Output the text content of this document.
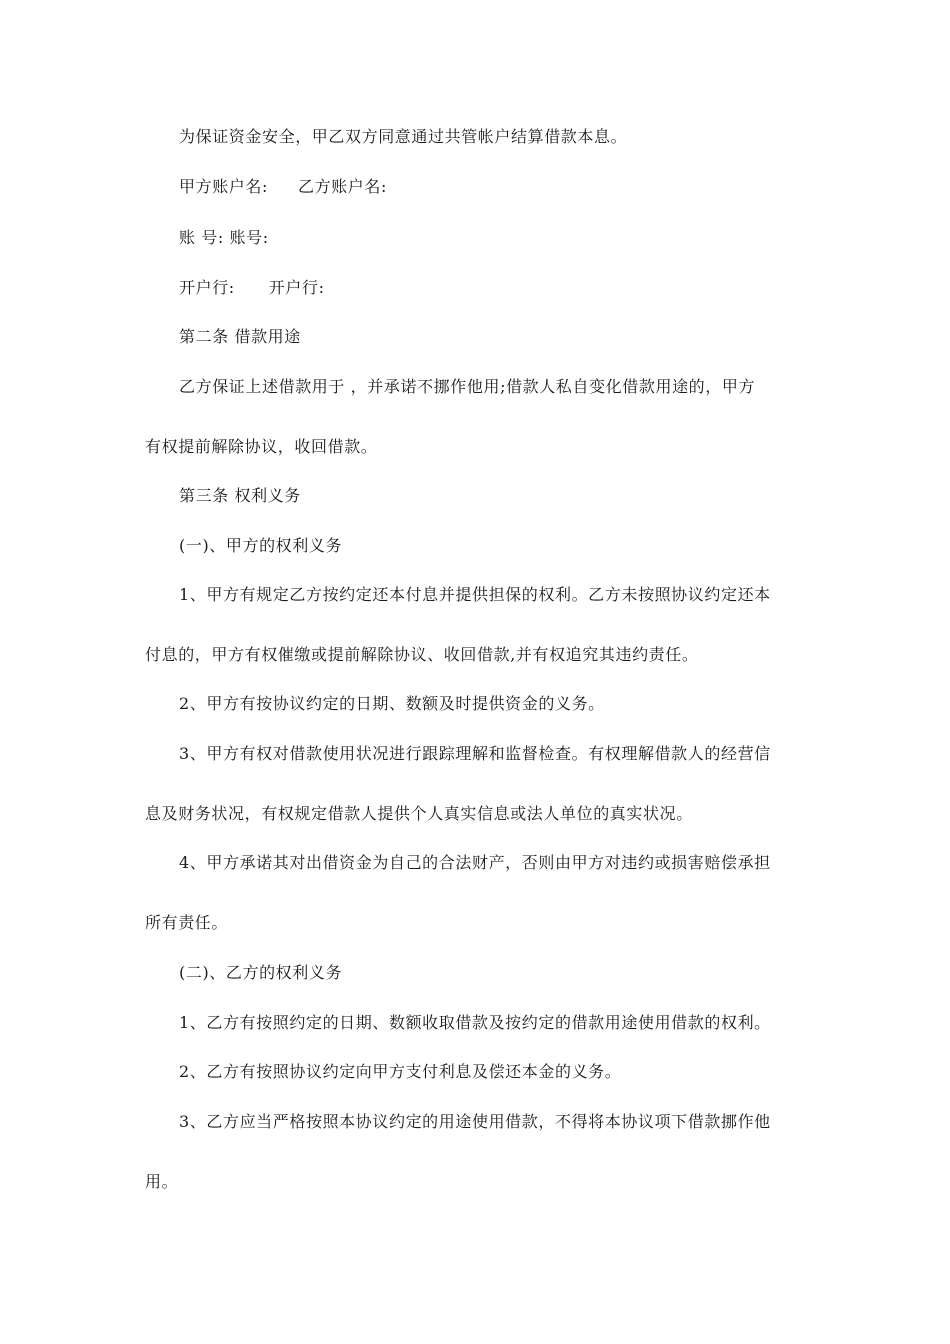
为保证资金安全，甲乙双方同意通过共管帐户结算借款本息。
甲方账户名: 乙方账户名:
账 号: 账号:
开户行: 开户行:
第二条 借款用途
乙方保证上述借款用于 ，并承诺不挪作他用;借款人私自变化借款用途的，甲方
有权提前解除协议，收回借款。
第三条 权利义务
(一)、甲方的权利义务
1、甲方有规定乙方按约定还本付息并提供担保的权利。乙方未按照协议约定还本
付息的，甲方有权催缴或提前解除协议、收回借款,并有权追究其违约责任。
2、甲方有按协议约定的日期、数额及时提供资金的义务。
3、甲方有权对借款使用状况进行跟踪理解和监督检查。有权理解借款人的经营信
息及财务状况，有权规定借款人提供个人真实信息或法人单位的真实状况。
4、甲方承诺其对出借资金为自己的合法财产，否则由甲方对违约或损害赔偿承担
所有责任。
(二)、乙方的权利义务
1、乙方有按照约定的日期、数额收取借款及按约定的借款用途使用借款的权利。
2、乙方有按照协议约定向甲方支付利息及偿还本金的义务。
3、乙方应当严格按照本协议约定的用途使用借款，不得将本协议项下借款挪作他
用。
